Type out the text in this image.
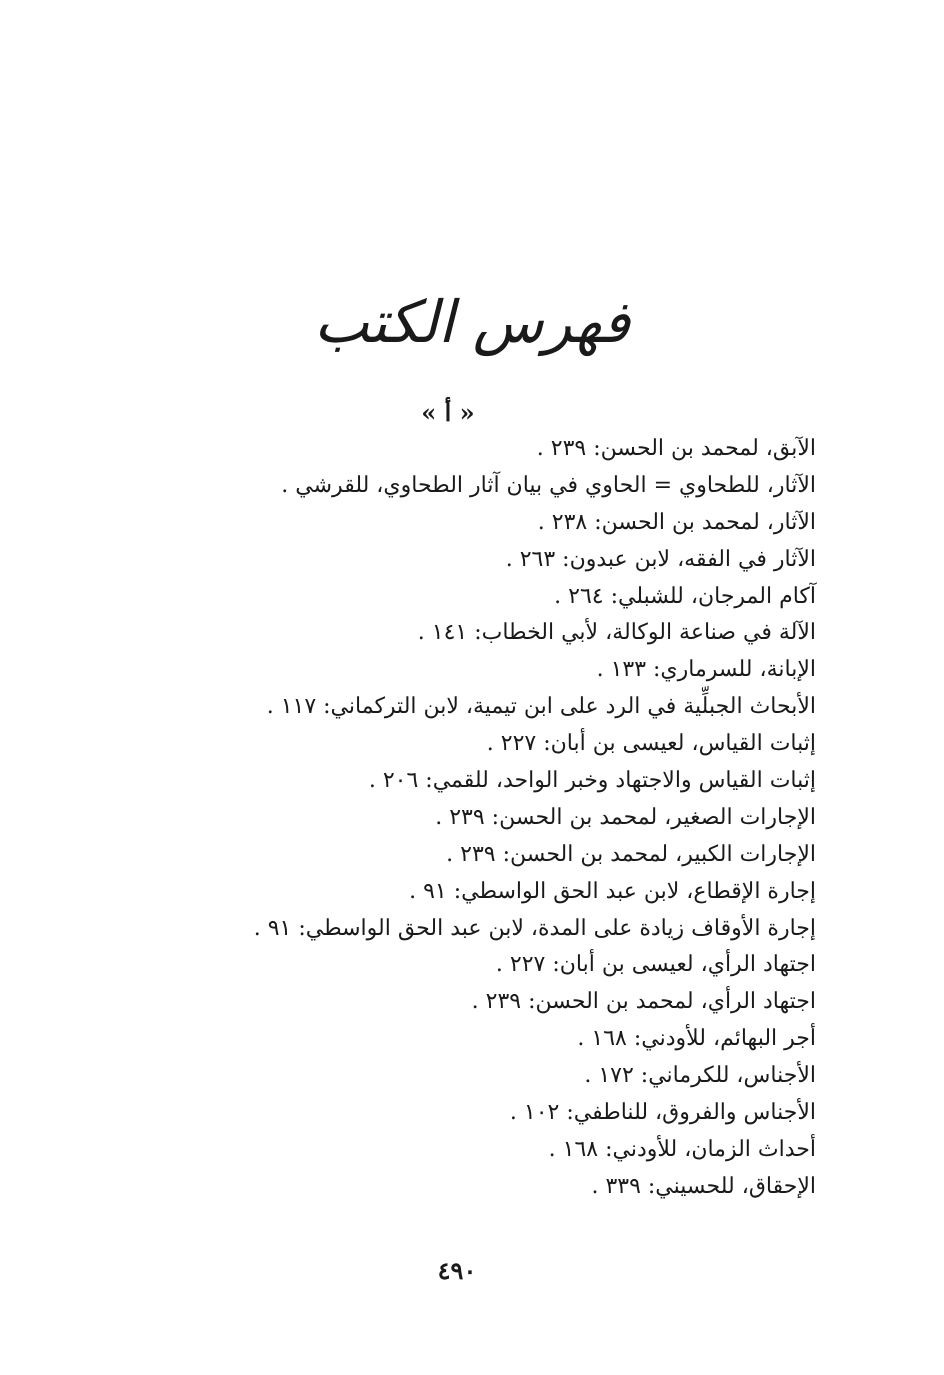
فهرس الكتب
« أ »
الآبق، لمحمد بن الحسن: ٢٣٩ .
الآثار، للطحاوي = الحاوي في بيان آثار الطحاوي، للقرشي .
الآثار، لمحمد بن الحسن: ٢٣٨ .
الآثار في الفقه، لابن عبدون: ٢٦٣ .
آكام المرجان، للشبلي: ٢٦٤ .
الآلة في صناعة الوكالة، لأبي الخطاب: ١٤١ .
الإبانة، للسرماري: ١٣٣ .
الأبحاث الجبلِّية في الرد على ابن تيمية، لابن التركماني: ١١٧ .
إثبات القياس، لعيسى بن أبان: ٢٢٧ .
إثبات القياس والاجتهاد وخبر الواحد، للقمي: ٢٠٦ .
الإجارات الصغير، لمحمد بن الحسن: ٢٣٩ .
الإجارات الكبير، لمحمد بن الحسن: ٢٣٩ .
إجارة الإقطاع، لابن عبد الحق الواسطي: ٩١ .
إجارة الأوقاف زيادة على المدة، لابن عبد الحق الواسطي: ٩١ .
اجتهاد الرأي، لعيسى بن أبان: ٢٢٧ .
اجتهاد الرأي، لمحمد بن الحسن: ٢٣٩ .
أجر البهائم، للأودني: ١٦٨ .
الأجناس، للكرماني: ١٧٢ .
الأجناس والفروق، للناطفي: ١٠٢ .
أحداث الزمان، للأودني: ١٦٨ .
الإحقاق، للحسيني: ٣٣٩ .
٤٩٠
